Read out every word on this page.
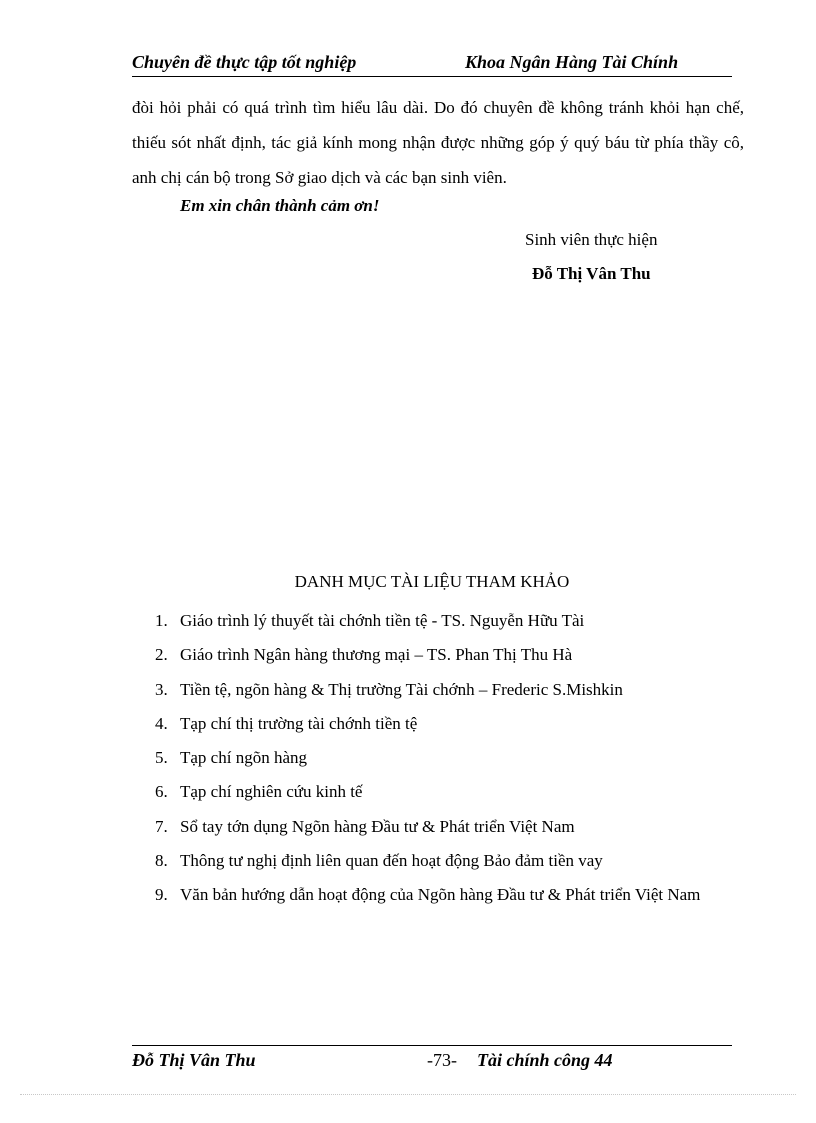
Chuyên đề thực tập tốt nghiệp	Khoa Ngân Hàng Tài Chính
đòi hỏi phải có quá trình tìm hiểu lâu dài. Do đó chuyên đề không tránh khỏi hạn chế, thiếu sót nhất định, tác giả kính mong nhận được những góp ý quý báu từ phía thầy cô, anh chị cán bộ trong Sở giao dịch và các bạn sinh viên.
Em xin chân thành cảm ơn!
Sinh viên thực hiện
Đỗ Thị Vân Thu
DANH MỤC TÀI LIỆU THAM KHẢO
1. Giáo trình lý thuyết tài chớnh tiền tệ - TS. Nguyễn Hữu Tài
2. Giáo trình Ngân hàng thương mại – TS. Phan Thị Thu Hà
3. Tiền tệ, ngõn hàng & Thị trường Tài chớnh – Frederic S.Mishkin
4. Tạp chí thị trường tài chớnh tiền tệ
5. Tạp chí ngõn hàng
6. Tạp chí nghiên cứu kinh tế
7. Sổ tay tớn dụng Ngõn hàng Đầu tư & Phát triển Việt Nam
8. Thông tư nghị định liên quan đến hoạt động Bảo đảm tiền vay
9. Văn bản hướng dẫn hoạt động của Ngõn hàng Đầu tư & Phát triển Việt Nam
Đỗ Thị Vân Thu	-73- Tài chính công 44
